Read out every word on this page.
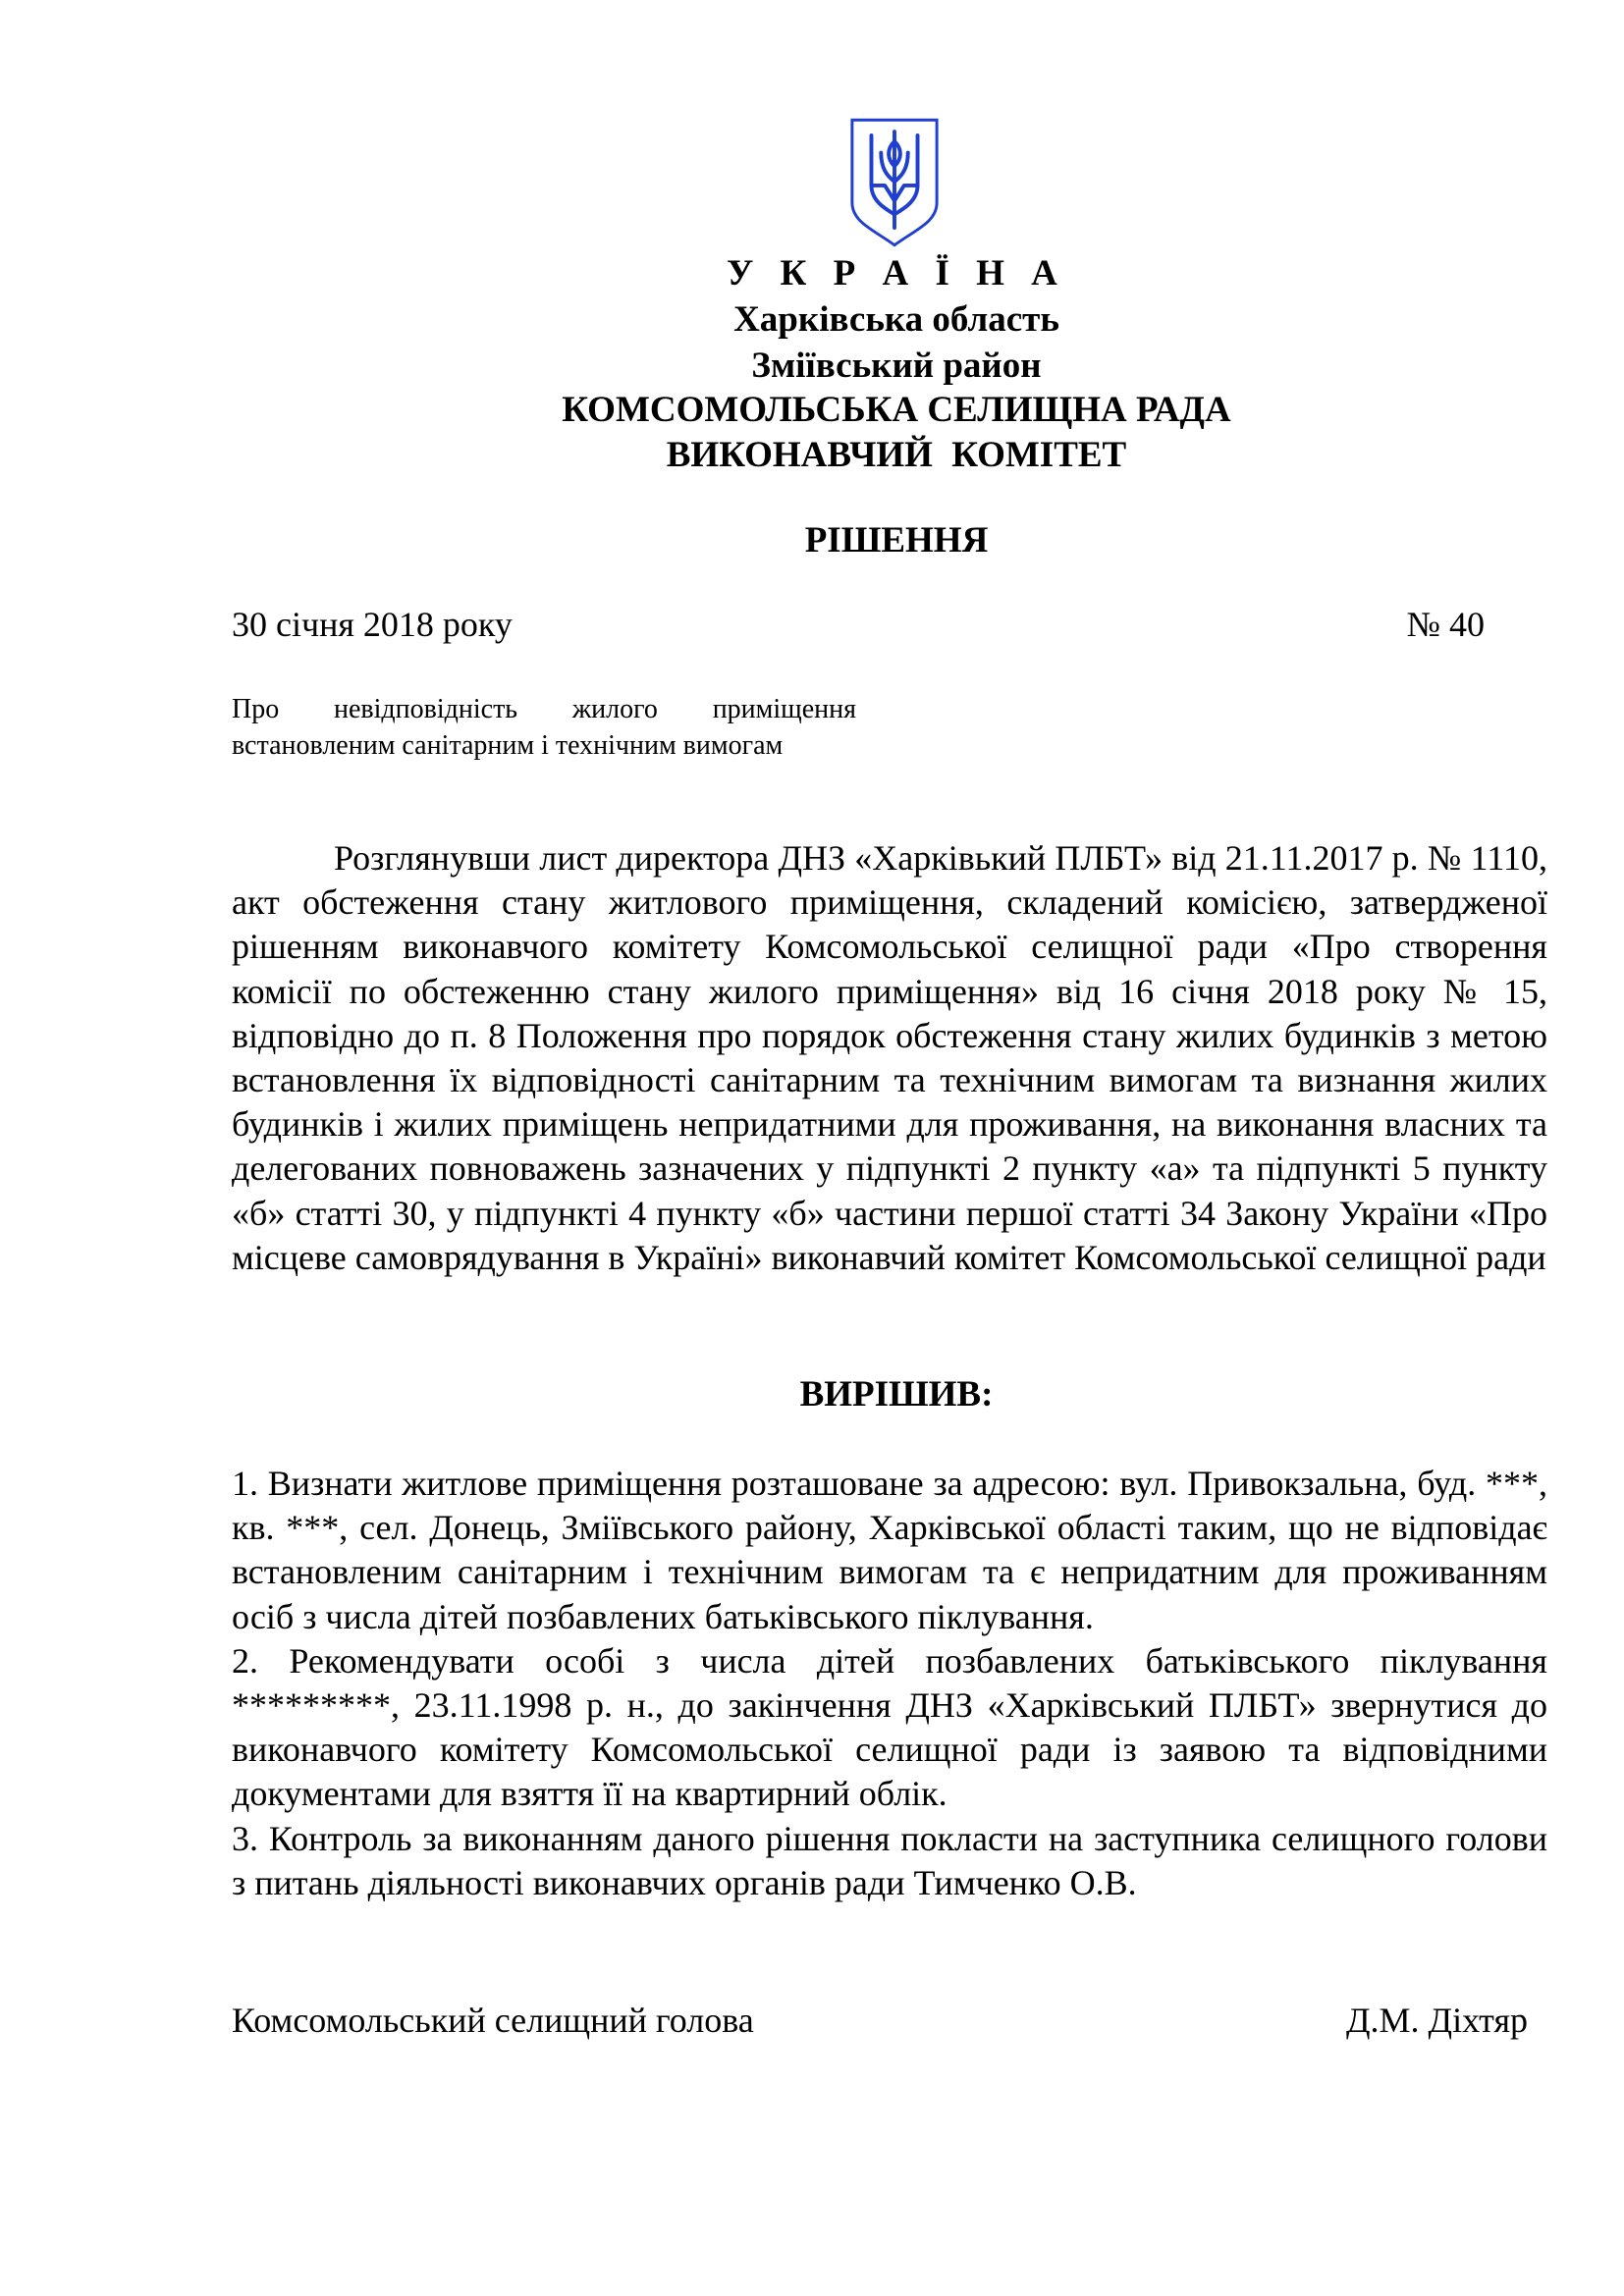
У К Р А Ї Н А
Харківська область
Зміївський район
КОМСОМОЛЬСЬКА СЕЛИЩНА РАДА
ВИКОНАВЧИЙ КОМІТЕТ
РІШЕННЯ
30 січня 2018 року	№ 40
Про невідповідність жилого приміщення встановленим санітарним і технічним вимогам

Розглянувши лист директора ДНЗ «Харківький ПЛБТ» від 21.11.2017 р. № 1110, акт обстеження стану житлового приміщення, складений комісією, затвердженої рішенням виконавчого комітету Комсомольської селищної ради «Про створення комісії по обстеженню стану жилого приміщення» від 16 січня 2018 року № 15, відповідно до п. 8 Положення про порядок обстеження стану жилих будинків з метою встановлення їх відповідності санітарним та технічним вимогам та визнання жилих будинків і жилих приміщень непридатними для проживання, на виконання власних та делегованих повноважень зазначених у підпункті 2 пункту «а» та підпункті 5 пункту «б» статті 30, у підпункті 4 пункту «б» частини першої статті 34 Закону України «Про місцеве самоврядування в Україні» виконавчий комітет Комсомольської селищної ради

ВИРІШИВ:

1. Визнати житлове приміщення розташоване за адресою: вул. Привокзальна, буд. ***, кв. ***, сел. Донець, Зміївського району, Харківської області таким, що не відповідає встановленим санітарним і технічним вимогам та є непридатним для проживанням осіб з числа дітей позбавлених батьківського піклування.

2. Рекомендувати особі з числа дітей позбавлених батьківського піклування *********, 23.11.1998 р. н., до закінчення ДНЗ «Харківський ПЛБТ» звернутися до виконавчого комітету Комсомольської селищної ради із заявою та відповідними документами для взяття її на квартирний облік.

3. Контроль за виконанням даного рішення покласти на заступника селищного голови з питань діяльності виконавчих органів ради Тимченко О.В.

Комсомольський селищний голова	Д.М. Діхтяр
